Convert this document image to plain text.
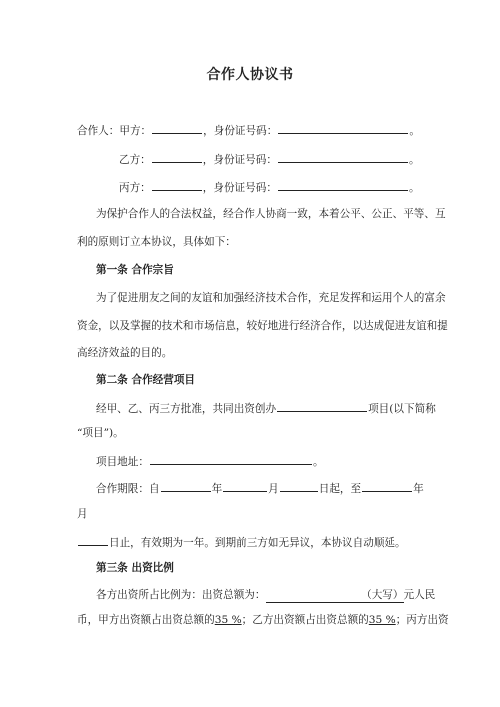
合作人协议书
合作人：甲方：	，身份证号码：	。
乙方：	，身份证号码：	。
丙方：	，身份证号码：	。
为保护合作人的合法权益，经合作人协商一致，本着公平、公正、平等、互
利的原则订立本协议，具体如下：
第一条 合作宗旨
为了促进朋友之间的友谊和加强经济技术合作，充足发挥和运用个人的富余
资金，以及掌握的技术和市场信息，较好地进行经济合作，以达成促进友谊和提
高经济效益的目的。
第二条 合作经营项目
经甲、乙、丙三方批准，共同出资创办	项目(以下简称
“项目”)。
项目地址：	。
合作期限：自	年	月	日起，至	年
月
日止，有效期为一年。到期前三方如无异议，本协议自动顺延。
第三条 出资比例
各方出资所占比例为：出资总额为：	（大写）元人民
币，甲方出资额占出资总额的35 %；乙方出资额占出资总额的35 %；丙方出资
